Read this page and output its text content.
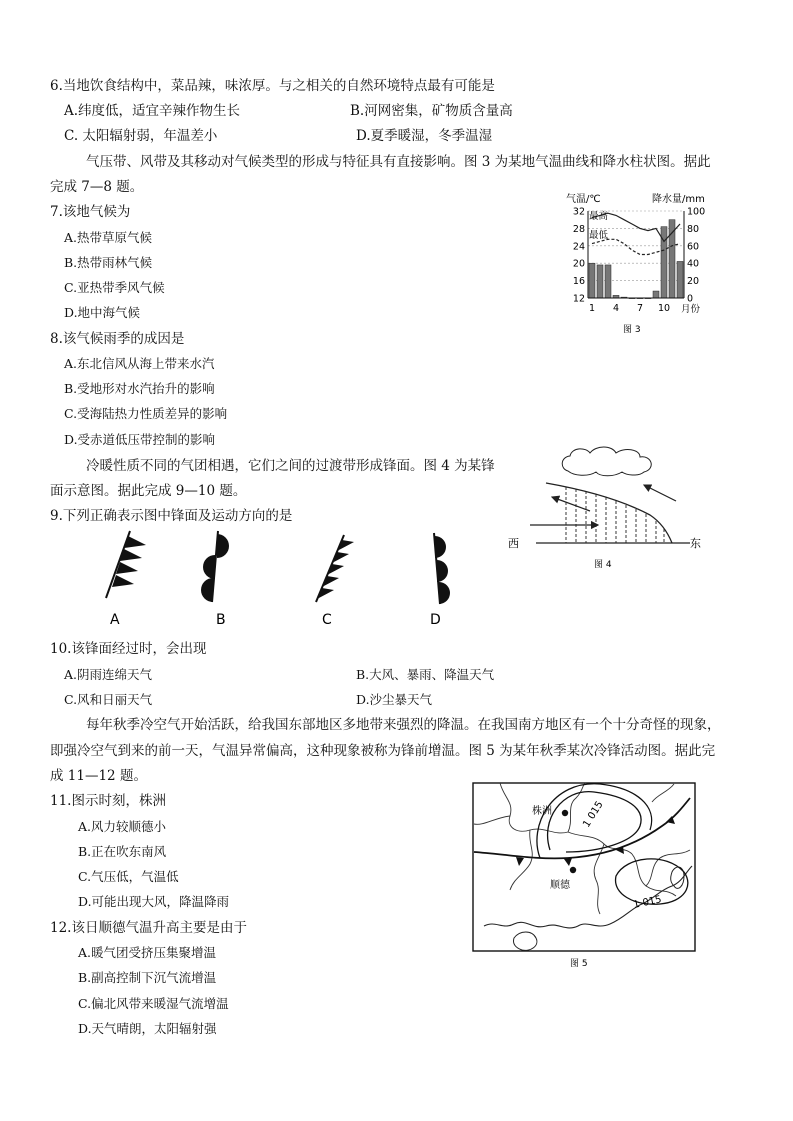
6.当地饮食结构中，菜品辣，味浓厚。与之相关的自然环境特点最有可能是
A.纬度低，适宜辛辣作物生长	B.河网密集，矿物质含量高
C. 太阳辐射弱，年温差小	D.夏季暖湿，冬季温湿
气压带、风带及其移动对气候类型的形成与特征具有直接影响。图 3 为某地气温曲线和降水柱状图。据此
完成 7—8 题。
7.该地气候为
A.热带草原气候
B.热带雨林气候
C.亚热带季风气候
D.地中海气候
8.该气候雨季的成因是
A.东北信风从海上带来水汽
B.受地形对水汽抬升的影响
C.受海陆热力性质差异的影响
D.受赤道低压带控制的影响
气温/℃	降水量/mm
最高
最低
32
28
24
20
16
12
100
80
60
40
20
0
1 4 7 10 月份
图 3
冷暖性质不同的气团相遇，它们之间的过渡带形成锋面。图 4 为某锋
面示意图。据此完成 9—10 题。
9.下列正确表示图中锋面及运动方向的是
西	东
图 4
A	B	C	D
10.该锋面经过时，会出现
A.阴雨连绵天气	B.大风、暴雨、降温天气
C.风和日丽天气	D.沙尘暴天气
每年秋季冷空气开始活跃，给我国东部地区多地带来强烈的降温。在我国南方地区有一个十分奇怪的现象，
即强冷空气到来的前一天，气温异常偏高，这种现象被称为锋前增温。图 5 为某年秋季某次冷锋活动图。据此完
成 11—12 题。
11.图示时刻，株洲
A.风力较顺德小
B.正在吹东南风
C.气压低，气温低
D.可能出现大风，降温降雨
12.该日顺德气温升高主要是由于
A.暖气团受挤压集聚增温
B.副高控制下沉气流增温
C.偏北风带来暖湿气流增温
D.天气晴朗，太阳辐射强
株洲
顺德
1 015
1 015
图 5
